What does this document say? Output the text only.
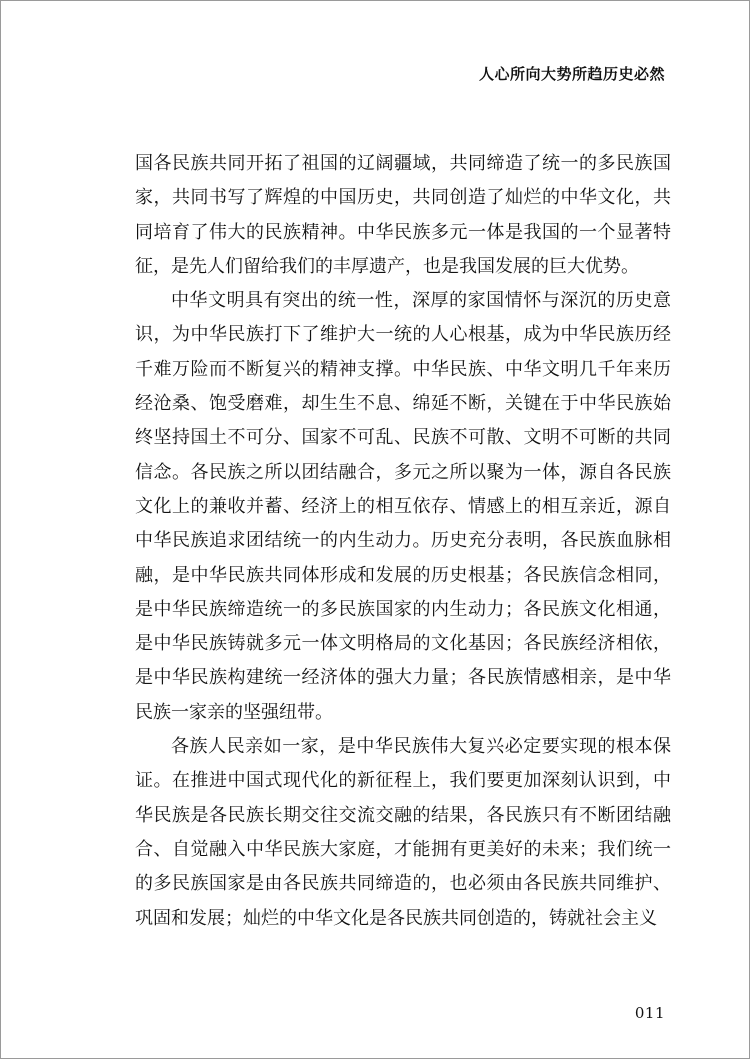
人心所向大势所趋历史必然

国各民族共同开拓了祖国的辽阔疆域，共同缔造了统一的多民族国家，共同书写了辉煌的中国历史，共同创造了灿烂的中华文化，共同培育了伟大的民族精神。中华民族多元一体是我国的一个显著特征，是先人们留给我们的丰厚遗产，也是我国发展的巨大优势。

中华文明具有突出的统一性，深厚的家国情怀与深沉的历史意识，为中华民族打下了维护大一统的人心根基，成为中华民族历经千难万险而不断复兴的精神支撑。中华民族、中华文明几千年来历经沧桑、饱受磨难，却生生不息、绵延不断，关键在于中华民族始终坚持国土不可分、国家不可乱、民族不可散、文明不可断的共同信念。各民族之所以团结融合，多元之所以聚为一体，源自各民族文化上的兼收并蓄、经济上的相互依存、情感上的相互亲近，源自中华民族追求团结统一的内生动力。历史充分表明，各民族血脉相融，是中华民族共同体形成和发展的历史根基；各民族信念相同，是中华民族缔造统一的多民族国家的内生动力；各民族文化相通，是中华民族铸就多元一体文明格局的文化基因；各民族经济相依，是中华民族构建统一经济体的强大力量；各民族情感相亲，是中华民族一家亲的坚强纽带。

各族人民亲如一家，是中华民族伟大复兴必定要实现的根本保证。在推进中国式现代化的新征程上，我们要更加深刻认识到，中华民族是各民族长期交往交流交融的结果，各民族只有不断团结融合、自觉融入中华民族大家庭，才能拥有更美好的未来；我们统一的多民族国家是由各民族共同缔造的，也必须由各民族共同维护、巩固和发展；灿烂的中华文化是各民族共同创造的，铸就社会主义

011
